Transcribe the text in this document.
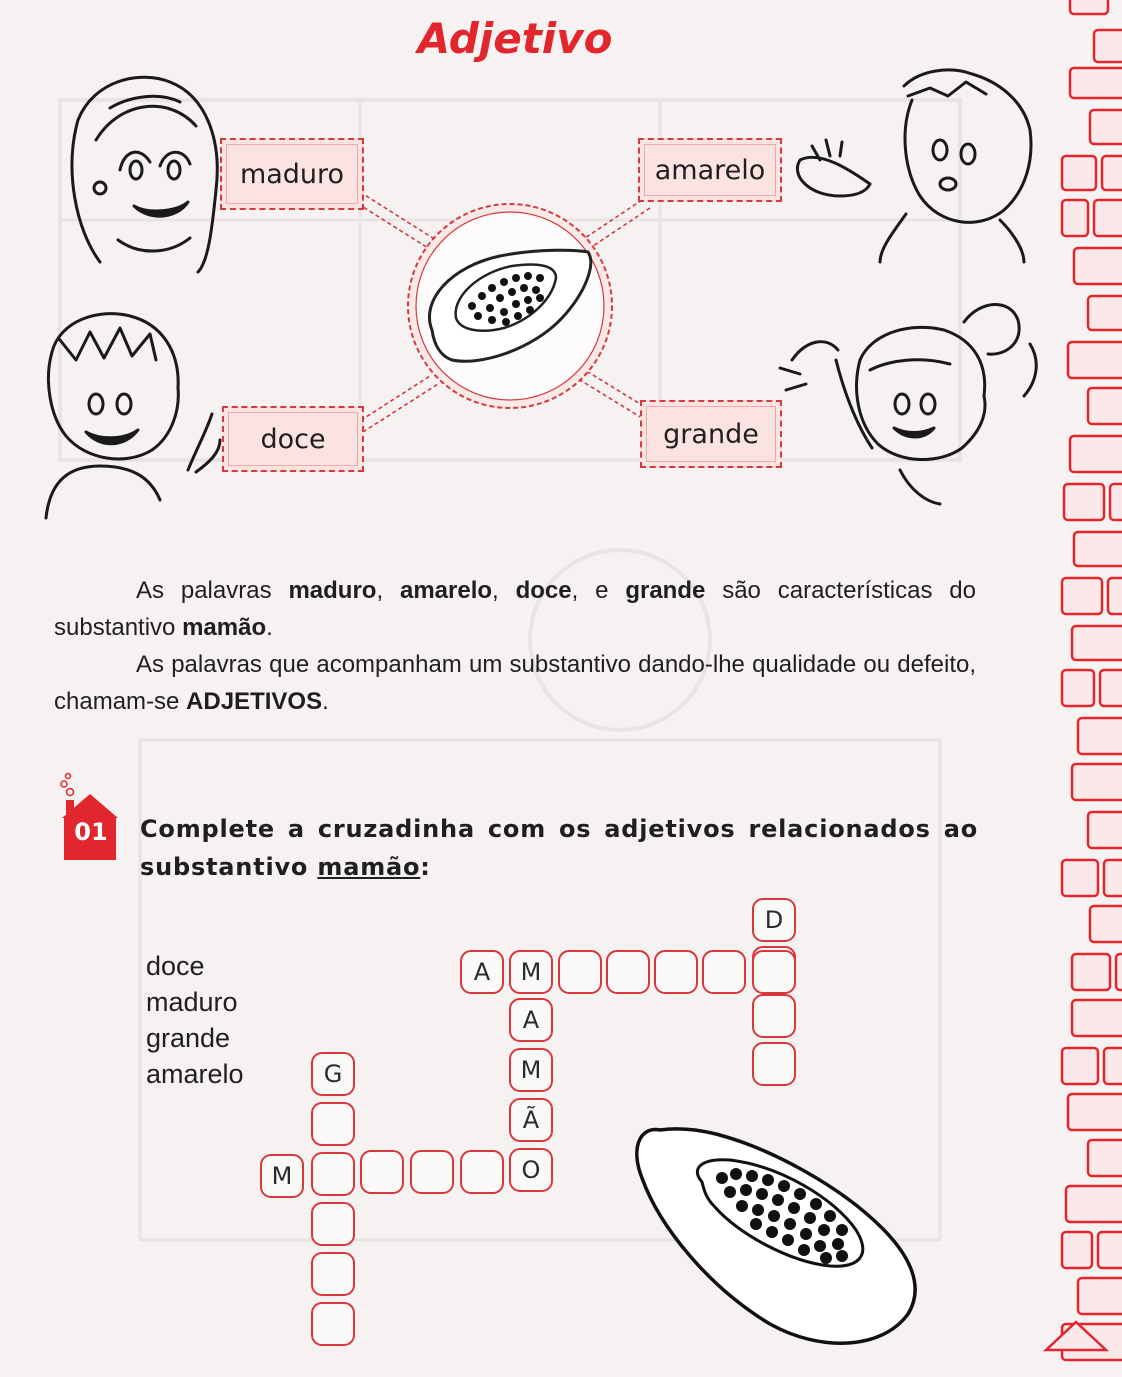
Adjetivo
maduro	amarelo
doce	grande

As palavras maduro, amarelo, doce, e grande são características do substantivo mamão.

As palavras que acompanham um substantivo dando-lhe qualidade ou defeito, chamam-se ADJETIVOS.

01	Complete a cruzadinha com os adjetivos relacionados ao substantivo mamão:

doce
maduro
grande
amarelo
D
A	M
A
M
Ã
O
G
M
